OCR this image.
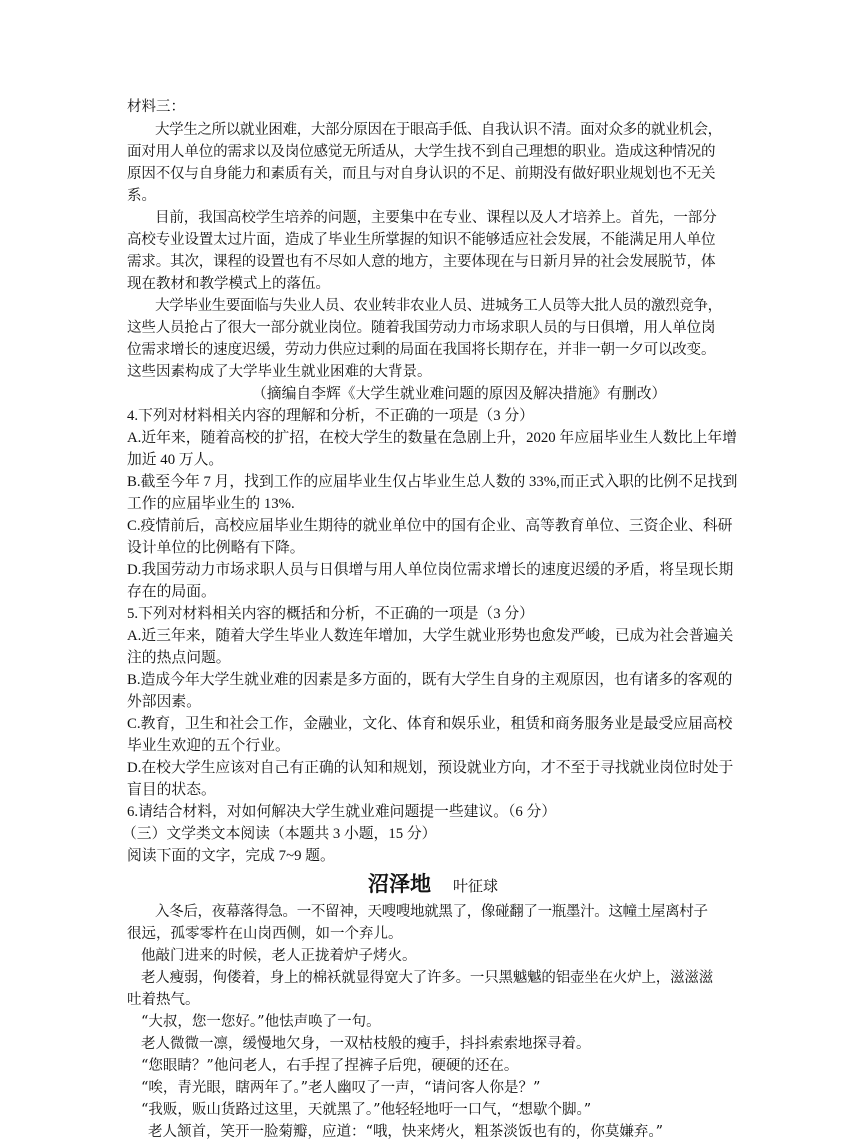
材料三：
大学生之所以就业困难，大部分原因在于眼高手低、自我认识不清。面对众多的就业机会，
面对用人单位的需求以及岗位感觉无所适从，大学生找不到自己理想的职业。造成这种情况的
原因不仅与自身能力和素质有关，而且与对自身认识的不足、前期没有做好职业规划也不无关
系。
目前，我国高校学生培养的问题，主要集中在专业、课程以及人才培养上。首先，一部分
高校专业设置太过片面，造成了毕业生所掌握的知识不能够适应社会发展，不能满足用人单位
需求。其次，课程的设置也有不尽如人意的地方，主要体现在与日新月异的社会发展脱节，体
现在教材和教学模式上的落伍。
大学毕业生要面临与失业人员、农业转非农业人员、进城务工人员等大批人员的激烈竞争，
这些人员抢占了很大一部分就业岗位。随着我国劳动力市场求职人员的与日俱增，用人单位岗
位需求增长的速度迟缓，劳动力供应过剩的局面在我国将长期存在，并非一朝一夕可以改变。
这些因素构成了大学毕业生就业困难的大背景。
（摘编自李辉《大学生就业难问题的原因及解决措施》有删改）
4.下列对材料相关内容的理解和分析，不正确的一项是（3 分）
A.近年来，随着高校的扩招，在校大学生的数量在急剧上升，2020 年应届毕业生人数比上年增
加近 40 万人。
B.截至今年 7 月，找到工作的应届毕业生仅占毕业生总人数的 33%,而正式入职的比例不足找到
工作的应届毕业生的 13%.
C.疫情前后，高校应届毕业生期待的就业单位中的国有企业、高等教育单位、三资企业、科研
设计单位的比例略有下降。
D.我国劳动力市场求职人员与日俱增与用人单位岗位需求增长的速度迟缓的矛盾，将呈现长期
存在的局面。
5.下列对材料相关内容的概括和分析，不正确的一项是（3 分）
A.近三年来，随着大学生毕业人数连年增加，大学生就业形势也愈发严峻，已成为社会普遍关
注的热点问题。
B.造成今年大学生就业难的因素是多方面的，既有大学生自身的主观原因，也有诸多的客观的
外部因素。
C.教育，卫生和社会工作，金融业，文化、体育和娱乐业，租赁和商务服务业是最受应届高校
毕业生欢迎的五个行业。
D.在校大学生应该对自己有正确的认知和规划，预设就业方向，才不至于寻找就业岗位时处于
盲目的状态。
6.请结合材料，对如何解决大学生就业难问题提一些建议。（6 分）
（三）文学类文本阅读（本题共 3 小题，15 分）
阅读下面的文字，完成 7~9 题。
沼泽地 叶征球
入冬后，夜幕落得急。一不留神，天嗖嗖地就黑了，像碰翻了一瓶墨汁。这幢土屋离村子
很远，孤零零杵在山岗西侧，如一个弃儿。
他敲门进来的时候，老人正拢着炉子烤火。
老人瘦弱，佝偻着，身上的棉袄就显得宽大了许多。一只黑魆魆的铝壶坐在火炉上，滋滋滋
吐着热气。
“大叔，您一您好。”他怯声唤了一句。
老人微微一凛，缓慢地欠身，一双枯枝般的瘦手，抖抖索索地探寻着。
“您眼睛？”他问老人，右手捏了捏裤子后兜，硬硬的还在。
“唉，青光眼，瞎两年了。”老人幽叹了一声，“请问客人你是？”
“我贩，贩山货路过这里，天就黑了。”他轻轻地吁一口气，“想歇个脚。”
老人颔首，笑开一脸菊瓣，应道：“哦，快来烤火，粗茶淡饭也有的，你莫嫌弃。”
